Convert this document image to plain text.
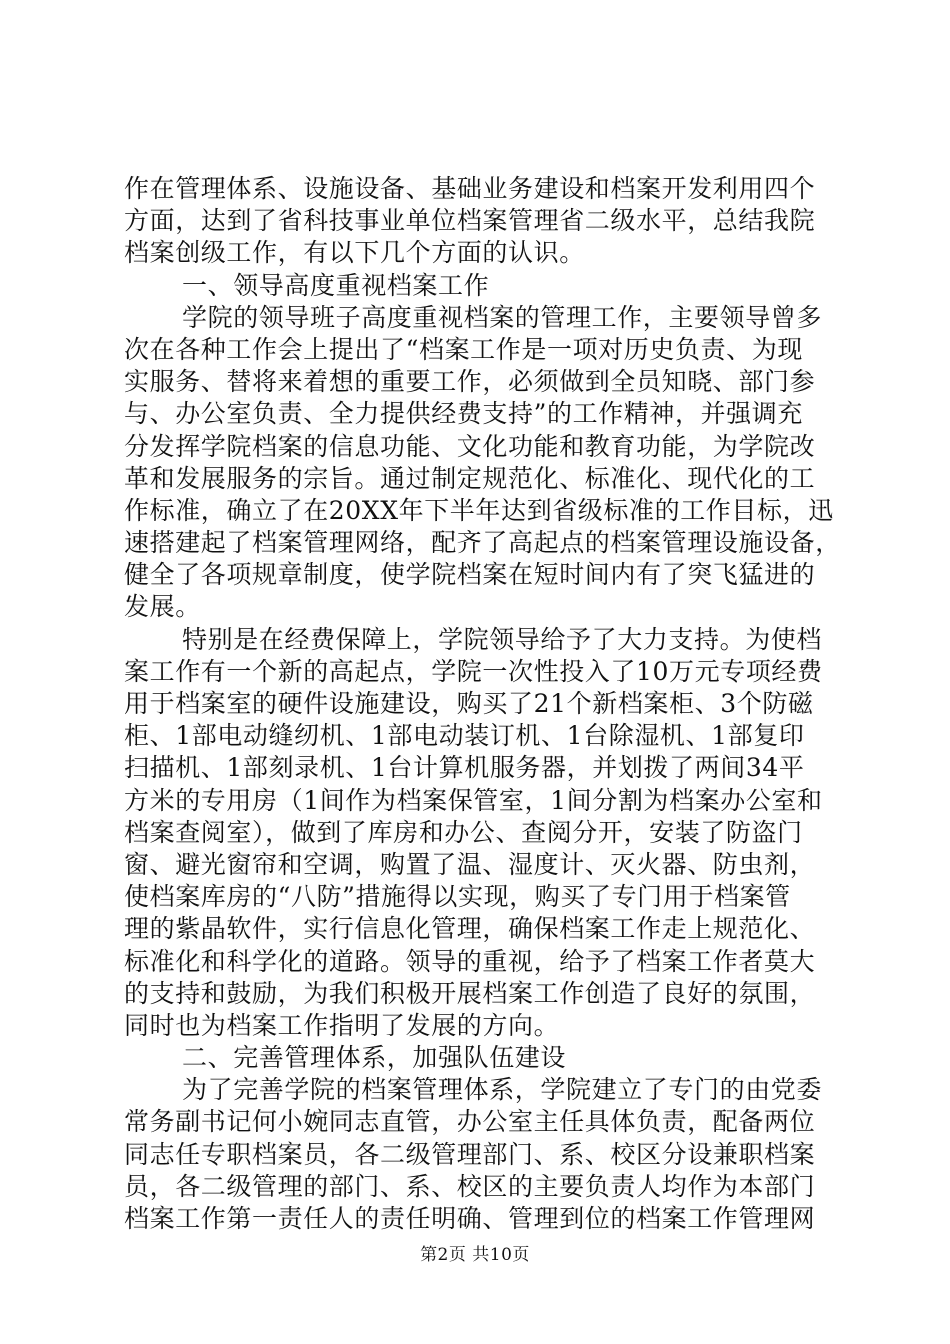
作在管理体系、设施设备、基础业务建设和档案开发利用四个
方面，达到了省科技事业单位档案管理省二级水平，总结我院
档案创级工作，有以下几个方面的认识。
一、领导高度重视档案工作
学院的领导班子高度重视档案的管理工作，主要领导曾多
次在各种工作会上提出了“档案工作是一项对历史负责、为现
实服务、替将来着想的重要工作，必须做到全员知晓、部门参
与、办公室负责、全力提供经费支持”的工作精神，并强调充
分发挥学院档案的信息功能、文化功能和教育功能，为学院改
革和发展服务的宗旨。通过制定规范化、标准化、现代化的工
作标准，确立了在20XX年下半年达到省级标准的工作目标，迅
速搭建起了档案管理网络，配齐了高起点的档案管理设施设备，
健全了各项规章制度，使学院档案在短时间内有了突飞猛进的
发展。
特别是在经费保障上，学院领导给予了大力支持。为使档
案工作有一个新的高起点，学院一次性投入了10万元专项经费
用于档案室的硬件设施建设，购买了21个新档案柜、3个防磁
柜、1部电动缝纫机、1部电动装订机、1台除湿机、1部复印
扫描机、1部刻录机、1台计算机服务器，并划拨了两间34平
方米的专用房（1间作为档案保管室，1间分割为档案办公室和
档案查阅室），做到了库房和办公、查阅分开，安装了防盗门
窗、避光窗帘和空调，购置了温、湿度计、灭火器、防虫剂，
使档案库房的“八防”措施得以实现，购买了专门用于档案管
理的紫晶软件，实行信息化管理，确保档案工作走上规范化、
标准化和科学化的道路。领导的重视，给予了档案工作者莫大
的支持和鼓励，为我们积极开展档案工作创造了良好的氛围，
同时也为档案工作指明了发展的方向。
二、完善管理体系，加强队伍建设
为了完善学院的档案管理体系，学院建立了专门的由党委
常务副书记何小婉同志直管，办公室主任具体负责，配备两位
同志任专职档案员，各二级管理部门、系、校区分设兼职档案
员，各二级管理的部门、系、校区的主要负责人均作为本部门
档案工作第一责任人的责任明确、管理到位的档案工作管理网
第2页 共10页
